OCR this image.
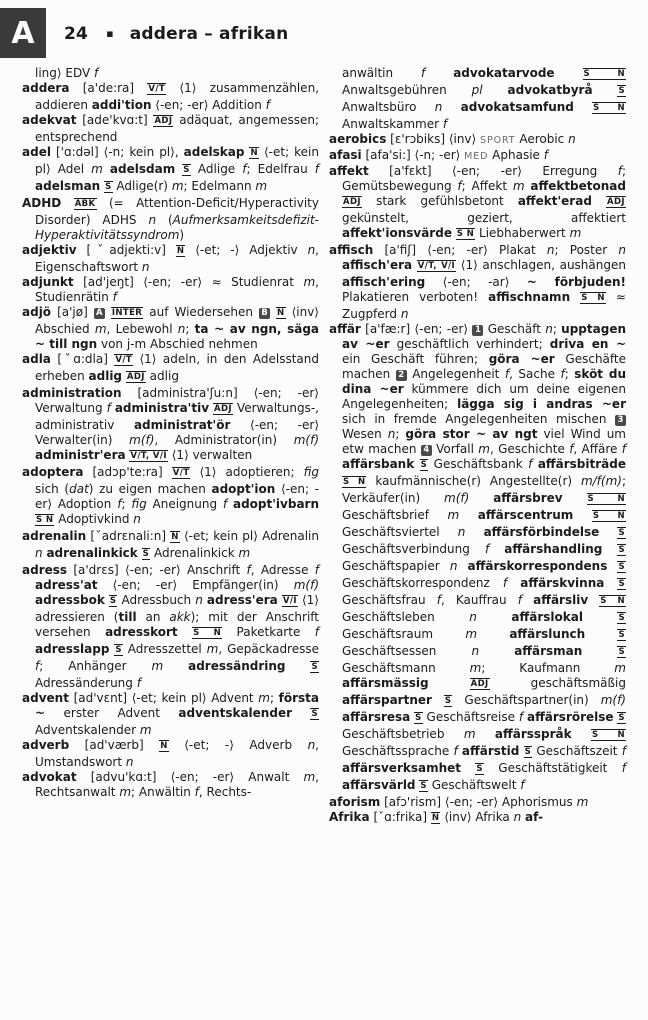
A 24 ▪ addera – afrikan

ling⟩ EDV f

addera [a'de:ra] V/T ⟨1⟩ zusammenzählen, addieren addi'tion ⟨-en; -er⟩ Addition f

adekvat [ade'kvɑ:t] ADJ adäquat, angemessen; entsprechend

adel ['ɑ:dəl] ⟨-n; kein pl⟩, adelskap N ⟨-et; kein pl⟩ Adel m adelsdam S Adlige f; Edelfrau f adelsman S Adlige(r) m; Edelmann m

ADHD ABK (= Attention-Deficit/Hyperactivity Disorder) ADHS n (Aufmerksamkeitsdefizit-Hyperaktivitätssyndrom)

adjektiv [ˇadjekti:v] N ⟨-et; -⟩ Adjektiv n, Eigenschaftswort n

adjunkt [ad'jeŋt] ⟨-en; -er⟩ ≈ Studienrat m, Studienrätin f

adjö [a'jø] A INTER auf Wiedersehen B N ⟨inv⟩ Abschied m, Lebewohl n; ta ~ av ngn, säga ~ till ngn von j-m Abschied nehmen

adla [ˇɑ:dla] V/T ⟨1⟩ adeln, in den Adelsstand erheben adlig ADJ adlig

administration [administra'ʃu:n] ⟨-en; -er⟩ Verwaltung f administra'tiv ADJ Verwaltungs-, administrativ administrat'ör ⟨-en; -er⟩ Verwalter(in) m(f), Administrator(in) m(f) administr'era V/T, V/I ⟨1⟩ verwalten

adoptera [adɔp'te:ra] V/T ⟨1⟩ adoptieren; fig sich (dat) zu eigen machen adopt'ion ⟨-en; -er⟩ Adoption f; fig Aneignung f adopt'ivbarn S N Adoptivkind n

adrenalin [ˇadrɛnali:n] N ⟨-et; kein pl⟩ Adrenalin n adrenalinkick S Adrenalinkick m

adress [a'drɛs] ⟨-en; -er⟩ Anschrift f, Adresse f adress'at ⟨-en; -er⟩ Empfänger(in) m(f) adressbok S Adressbuch n adress'era V/I ⟨1⟩ adressieren (till an akk); mit der Anschrift versehen adresskort S N Paketkarte f adresslapp S Adresszettel m, Gepäckadresse f; Anhänger m adressändring	S Adressänderung f

advent [ad'vɛnt] ⟨-et; kein pl⟩ Advent m; första ~ erster Advent adventskalender S Adventskalender m

adverb [ad'værb] N ⟨-et; -⟩ Adverb n, Umstandswort n

advokat [advu'kɑ:t] ⟨-en; -er⟩ Anwalt m, Rechtsanwalt m; Anwältin f, Rechts-

anwältin f advokatarvode	S N Anwaltsgebühren pl advokatbyrå	S Anwaltsbüro n advokatsamfund S N Anwaltskammer f

aerobics [ɛ'rɔbiks] ⟨inv⟩ SPORT Aerobic n

afasi [afa'si:] ⟨-n; -er⟩ MED Aphasie f

affekt [a'fɛkt] ⟨-en; -er⟩ Erregung f; Gemütsbewegung f; Affekt m affektbetonad ADJ stark gefühlsbetont affekt'erad ADJ gekünstelt, geziert, affektiert affekt'ionsvärde S N Liebhaberwert m

affisch [a'fiʃ] ⟨-en; -er⟩ Plakat n; Poster n affisch'era V/T, V/I ⟨1⟩ anschlagen, aushängen affisch'ering ⟨-en; -ar⟩ ~ förbjuden! Plakatieren verboten! affischnamn S N ≈ Zugpferd n

affär [a'fæ:r] ⟨-en; -er⟩ 1 Geschäft n; upptagen av ~er geschäftlich verhindert; driva en ~ ein Geschäft führen; göra ~er Geschäfte machen 2 Angelegenheit f, Sache f; sköt du dina ~er kümmere dich um deine eigenen Angelegenheiten; lägga sig i andras ~er sich in fremde Angelegenheiten mischen 3 Wesen n; göra stor ~ av ngt viel Wind um etw machen 4 Vorfall m, Geschichte f, Affäre f affärsbank S Geschäftsbank f affärsbiträde S N kaufmännische(r) Angestellte(r) m/f(m); Verkäufer(in) m(f) affärsbrev	S N Geschäftsbrief m affärscentrum S N Geschäftsviertel n affärsförbindelse S Geschäftsverbindung f affärshandling S Geschäftspapier n affärskorrespondens S Geschäftskorrespondenz f affärskvinna S Geschäftsfrau f, Kauffrau f affärsliv S N Geschäftsleben n	affärslokal	S Geschäftsraum m	affärslunch	S Geschäftsessen n	affärsman	S Geschäftsmann m; Kaufmann m affärsmässig	ADJ geschäftsmäßig affärspartner S Geschäftspartner(in) m(f) affärsresa S Geschäftsreise f affärsrörelse S Geschäftsbetrieb m affärsspråk S N Geschäftssprache f affärstid S Geschäftszeit f affärsverksamhet S Geschäftstätigkeit f affärsvärld S Geschäftswelt f

aforism [afɔ'rism] ⟨-en; -er⟩ Aphorismus m

Afrika [ˇɑ:frika] N ⟨inv⟩ Afrika n af-
